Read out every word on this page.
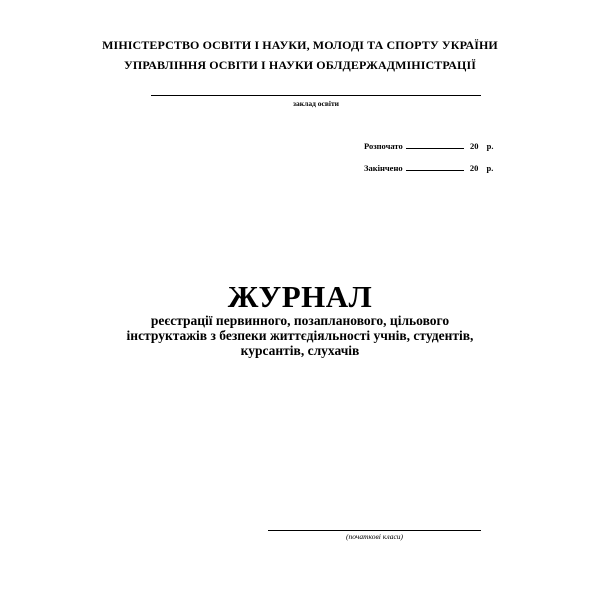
МІНІСТЕРСТВО ОСВІТИ І НАУКИ, МОЛОДІ ТА СПОРТУ УКРАЇНИ
УПРАВЛІННЯ ОСВІТИ І НАУКИ ОБЛДЕРЖАДМІНІСТРАЦІЇ
заклад освіти
Розпочато	20 р.
Закінчено	20 р.
ЖУРНАЛ
реєстрації первинного, позапланового, цільового
інструктажів з безпеки життєдіяльності учнів, студентів,
курсантів, слухачів
(початкові класи)
